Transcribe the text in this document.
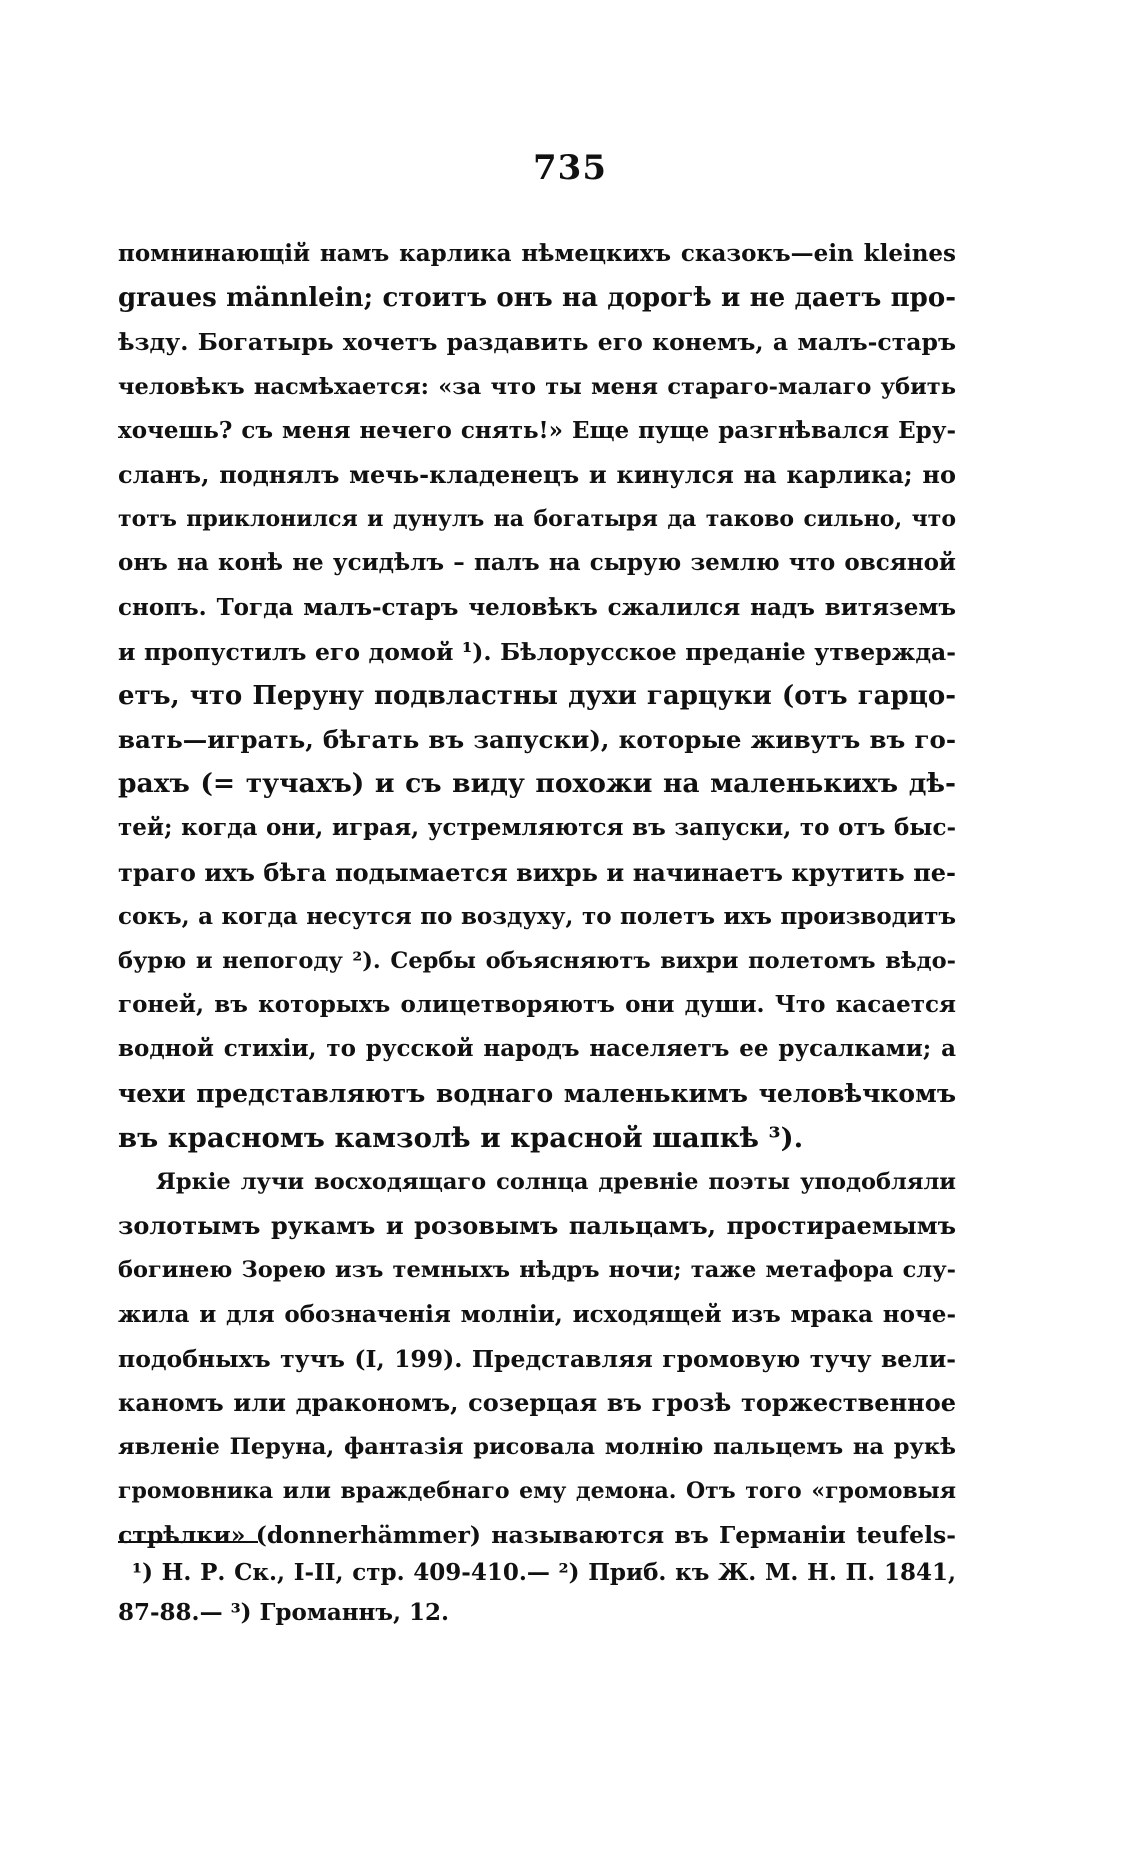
735
помнинающій намъ карлика нѣмецкихъ сказокъ—ein kleines
graues männlein; стоитъ онъ на дорогѣ и не даетъ про-
ѣзду. Богатырь хочетъ раздавить его конемъ, а малъ-старъ
человѣкъ насмѣхается: «за что ты меня стараго-малаго убить
хочешь? съ меня нечего снять!» Еще пуще разгнѣвался Еру-
сланъ, поднялъ мечь-кладенецъ и кинулся на карлика; но
тотъ приклонился и дунулъ на богатыря да таково сильно, что
онъ на конѣ не усидѣлъ – палъ на сырую землю что овсяной
снопъ. Тогда малъ-старъ человѣкъ сжалился надъ витяземъ
и пропустилъ его домой ¹). Бѣлорусское преданіе утверждa-
етъ, что Перуну подвластны духи гарцуки (отъ гарцо-
вать—играть, бѣгать въ запуски), которые живутъ въ го-
рахъ (= тучахъ) и съ виду похожи на маленькихъ дѣ-
тей; когда они, играя, устремляются въ запуски, то отъ быс-
траго ихъ бѣга подымается вихрь и начинаетъ крутить пе-
сокъ, а когда несутся по воздуху, то полетъ ихъ производитъ
бурю и непогоду ²). Сербы объясняютъ вихри полетомъ вѣдо-
гоней, въ которыхъ олицетворяютъ они души. Что касается
водной стихіи, то русской народъ населяетъ ее русалками; а
чехи представляютъ воднаго маленькимъ человѣчкомъ
въ красномъ камзолѣ и красной шапкѣ ³).
Яркіе лучи восходящаго солнца древніе поэты уподобляли
золотымъ рукамъ и розовымъ пальцамъ, простираемымъ
богинею Зорею изъ темныхъ нѣдръ ночи; таже метафора слу-
жила и для обозначенія молніи, исходящей изъ мрака ноче-
подобныхъ тучъ (I, 199). Представляя громовую тучу вели-
каномъ или дракономъ, созерцая въ грозѣ торжественное
явленіе Перуна, фантазія рисовала молнію пальцемъ на рукѣ
громовника или враждебнаго ему демона. Отъ того «громовыя
стрѣлки» (donnerhämmer) называются въ Германіи teufels-
¹) Н. Р. Ск., I-II, стр. 409-410.— ²) Приб. къ Ж. М. Н. П. 1841,
87-88.— ³) Громаннъ, 12.
